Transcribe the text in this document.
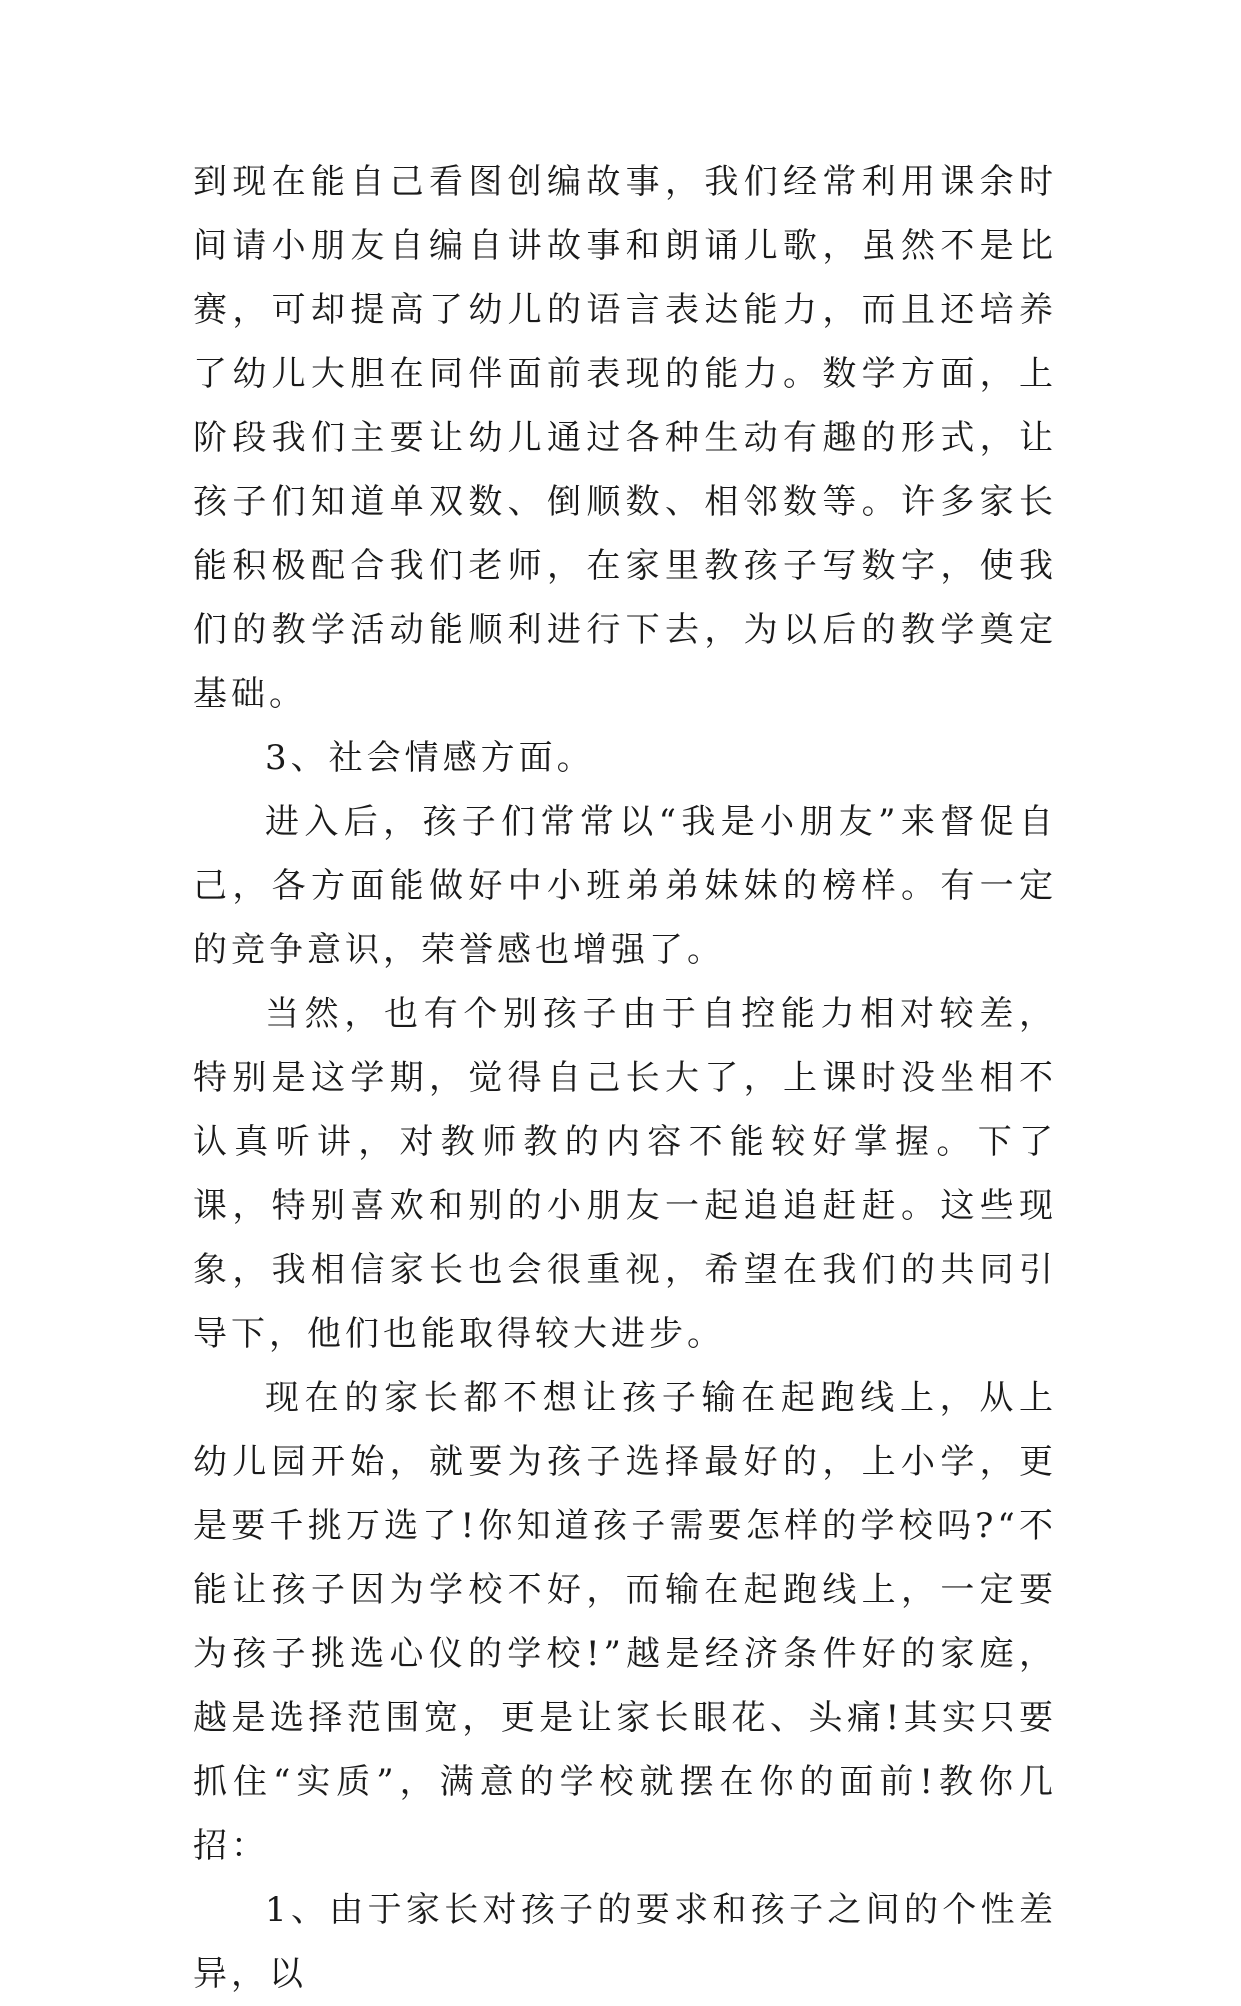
到现在能自己看图创编故事，我们经常利用课余时间请小朋友自编自讲故事和朗诵儿歌，虽然不是比赛，可却提高了幼儿的语言表达能力，而且还培养了幼儿大胆在同伴面前表现的能力。数学方面，上阶段我们主要让幼儿通过各种生动有趣的形式，让孩子们知道单双数、倒顺数、相邻数等。许多家长能积极配合我们老师，在家里教孩子写数字，使我们的教学活动能顺利进行下去，为以后的教学奠定基础。

3、社会情感方面。

进入后，孩子们常常以“我是小朋友”来督促自己，各方面能做好中小班弟弟妹妹的榜样。有一定的竞争意识，荣誉感也增强了。

当然，也有个别孩子由于自控能力相对较差，特别是这学期，觉得自己长大了，上课时没坐相不认真听讲，对教师教的内容不能较好掌握。下了课，特别喜欢和别的小朋友一起追追赶赶。这些现象，我相信家长也会很重视，希望在我们的共同引导下，他们也能取得较大进步。

现在的家长都不想让孩子输在起跑线上，从上幼儿园开始，就要为孩子选择最好的，上小学，更是要千挑万选了!你知道孩子需要怎样的学校吗?“不能让孩子因为学校不好，而输在起跑线上，一定要为孩子挑选心仪的学校!”越是经济条件好的家庭，越是选择范围宽，更是让家长眼花、头痛!其实只要抓住“实质”，满意的学校就摆在你的面前!教你几招：

1、由于家长对孩子的要求和孩子之间的个性差异，以
